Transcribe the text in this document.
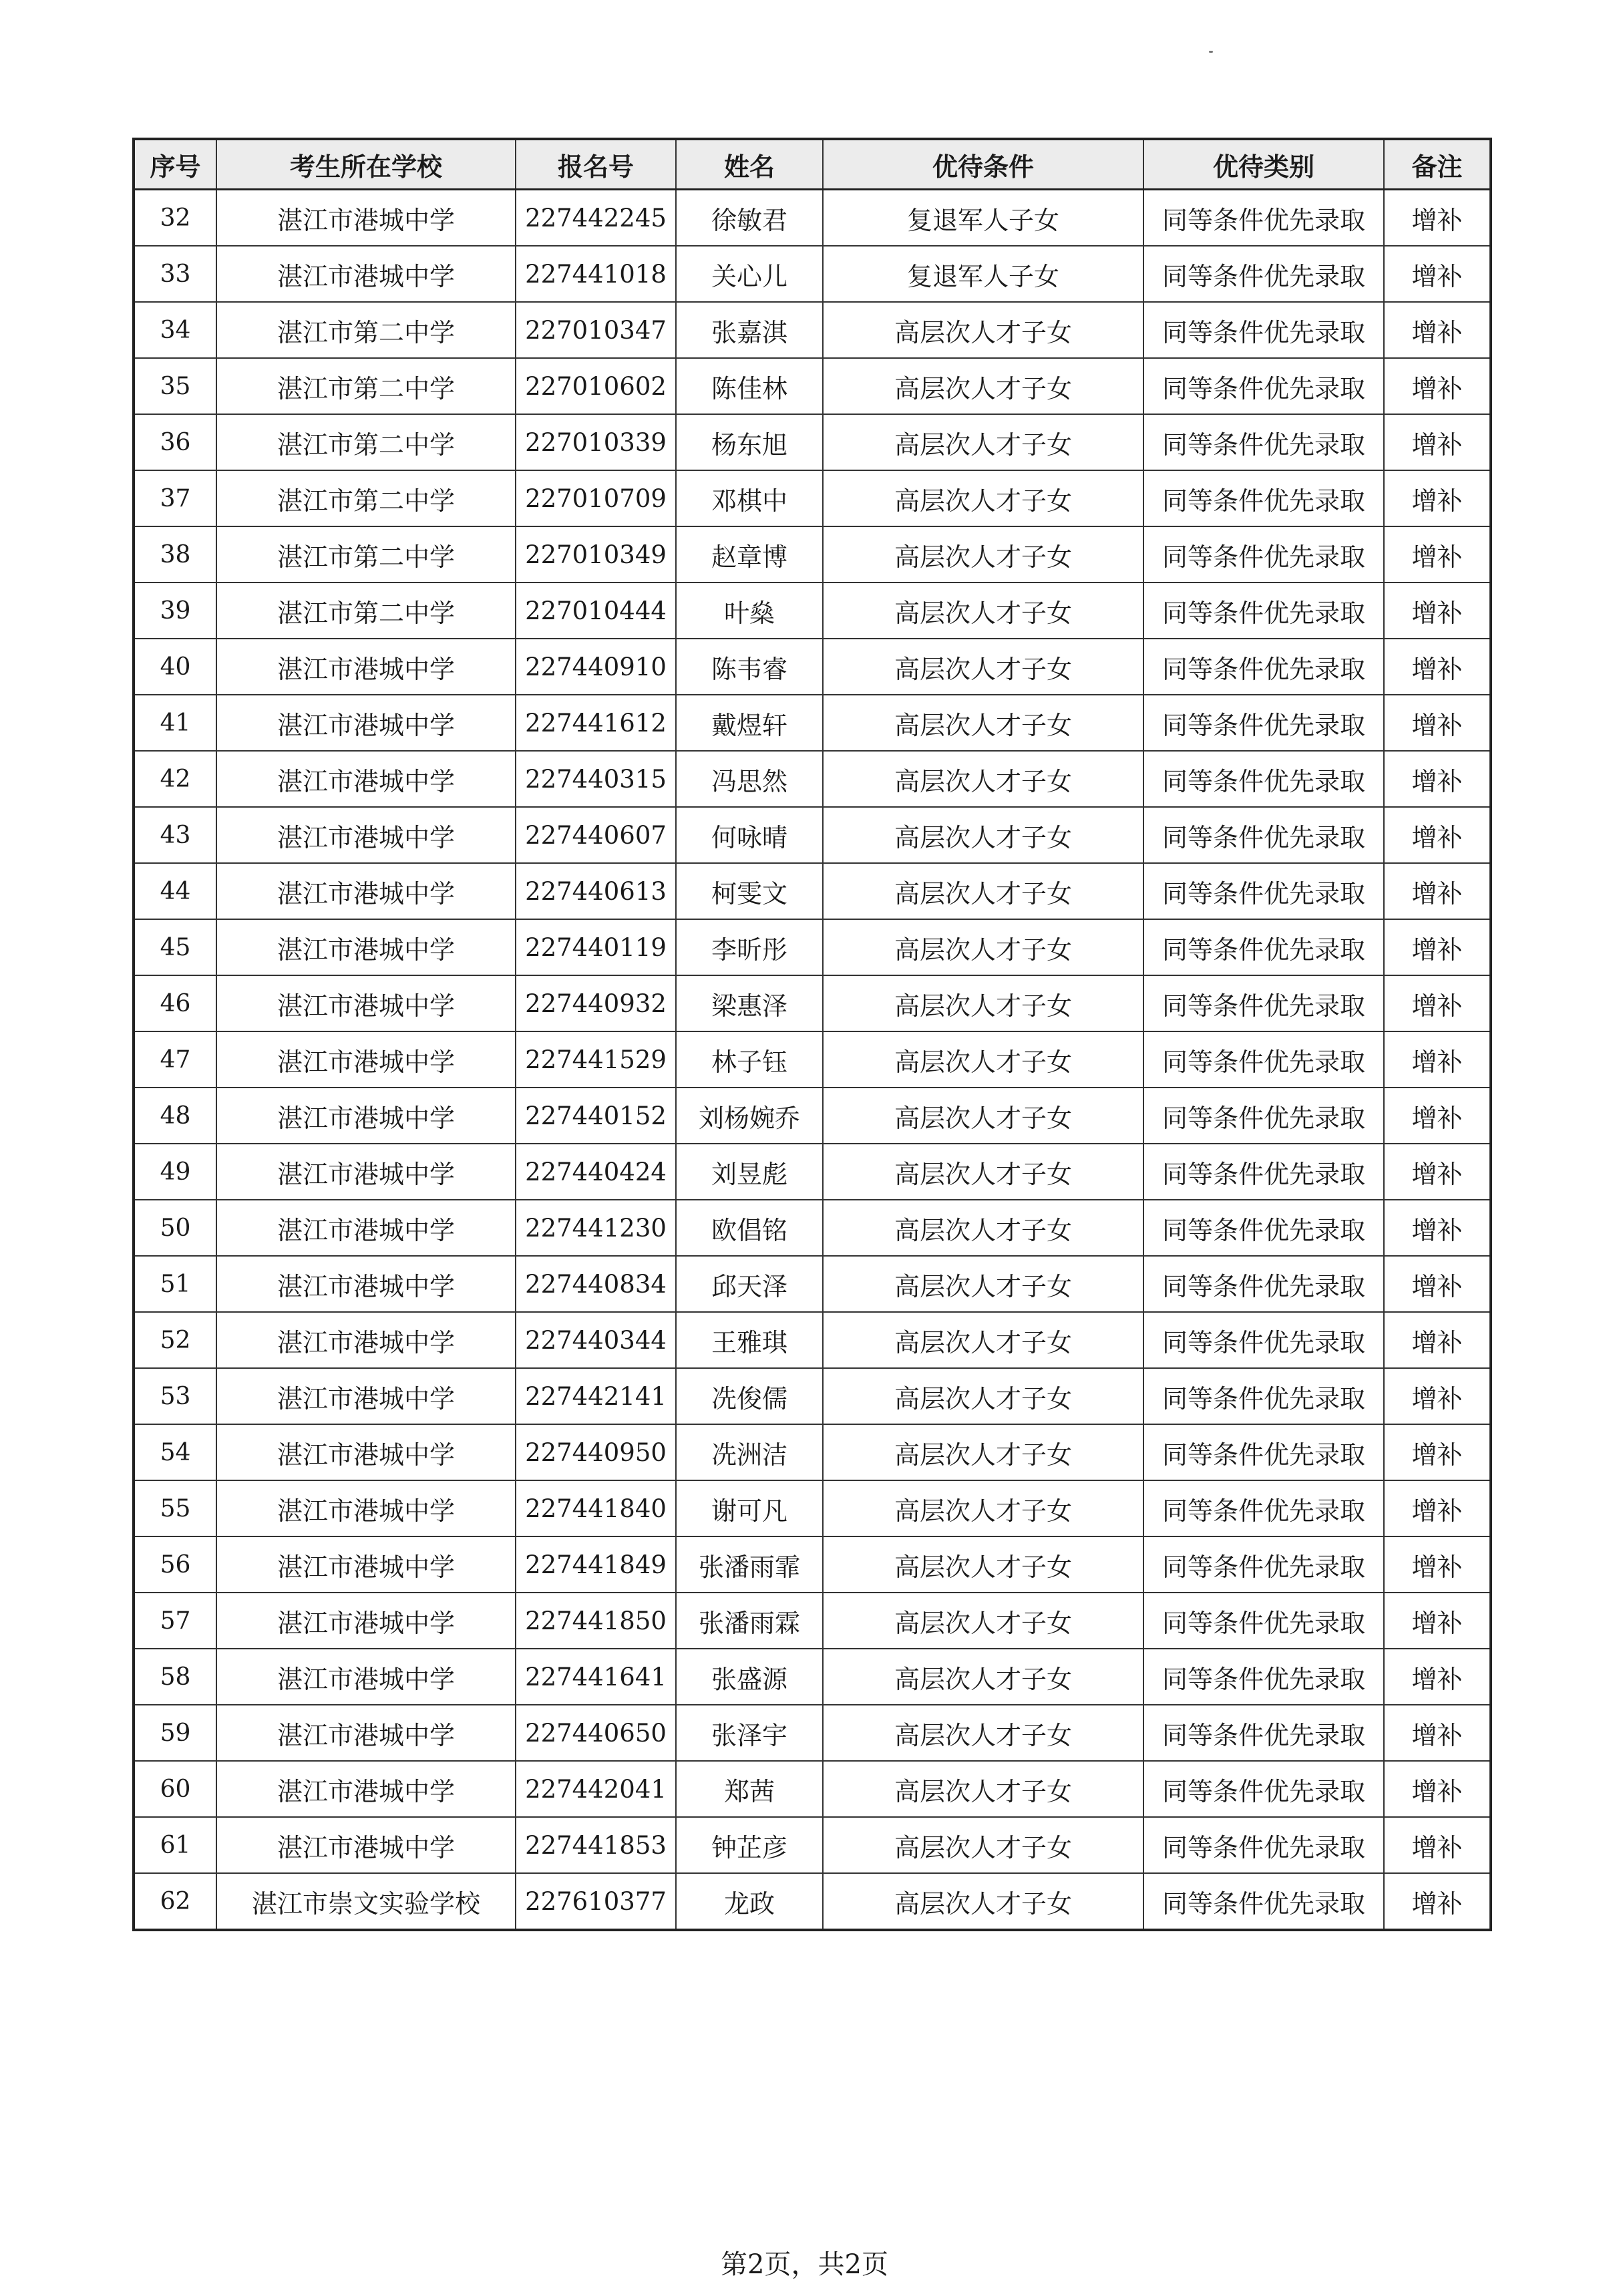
序号	考生所在学校	报名号	姓名	优待条件	优待类别	备注
32	湛江市港城中学	227442245	徐敏君	复退军人子女	同等条件优先录取	增补
33	湛江市港城中学	227441018	关心儿	复退军人子女	同等条件优先录取	增补
34	湛江市第二中学	227010347	张嘉淇	高层次人才子女	同等条件优先录取	增补
35	湛江市第二中学	227010602	陈佳林	高层次人才子女	同等条件优先录取	增补
36	湛江市第二中学	227010339	杨东旭	高层次人才子女	同等条件优先录取	增补
37	湛江市第二中学	227010709	邓棋中	高层次人才子女	同等条件优先录取	增补
38	湛江市第二中学	227010349	赵章博	高层次人才子女	同等条件优先录取	增补
39	湛江市第二中学	227010444	叶燊	高层次人才子女	同等条件优先录取	增补
40	湛江市港城中学	227440910	陈韦睿	高层次人才子女	同等条件优先录取	增补
41	湛江市港城中学	227441612	戴煜轩	高层次人才子女	同等条件优先录取	增补
42	湛江市港城中学	227440315	冯思然	高层次人才子女	同等条件优先录取	增补
43	湛江市港城中学	227440607	何咏晴	高层次人才子女	同等条件优先录取	增补
44	湛江市港城中学	227440613	柯雯文	高层次人才子女	同等条件优先录取	增补
45	湛江市港城中学	227440119	李昕彤	高层次人才子女	同等条件优先录取	增补
46	湛江市港城中学	227440932	梁惠泽	高层次人才子女	同等条件优先录取	增补
47	湛江市港城中学	227441529	林子钰	高层次人才子女	同等条件优先录取	增补
48	湛江市港城中学	227440152	刘杨婉乔	高层次人才子女	同等条件优先录取	增补
49	湛江市港城中学	227440424	刘昱彪	高层次人才子女	同等条件优先录取	增补
50	湛江市港城中学	227441230	欧倡铭	高层次人才子女	同等条件优先录取	增补
51	湛江市港城中学	227440834	邱天泽	高层次人才子女	同等条件优先录取	增补
52	湛江市港城中学	227440344	王雅琪	高层次人才子女	同等条件优先录取	增补
53	湛江市港城中学	227442141	冼俊儒	高层次人才子女	同等条件优先录取	增补
54	湛江市港城中学	227440950	冼洲洁	高层次人才子女	同等条件优先录取	增补
55	湛江市港城中学	227441840	谢可凡	高层次人才子女	同等条件优先录取	增补
56	湛江市港城中学	227441849	张潘雨霏	高层次人才子女	同等条件优先录取	增补
57	湛江市港城中学	227441850	张潘雨霖	高层次人才子女	同等条件优先录取	增补
58	湛江市港城中学	227441641	张盛源	高层次人才子女	同等条件优先录取	增补
59	湛江市港城中学	227440650	张泽宇	高层次人才子女	同等条件优先录取	增补
60	湛江市港城中学	227442041	郑茜	高层次人才子女	同等条件优先录取	增补
61	湛江市港城中学	227441853	钟芷彦	高层次人才子女	同等条件优先录取	增补
62	湛江市崇文实验学校	227610377	龙政	高层次人才子女	同等条件优先录取	增补
第2页，共2页
